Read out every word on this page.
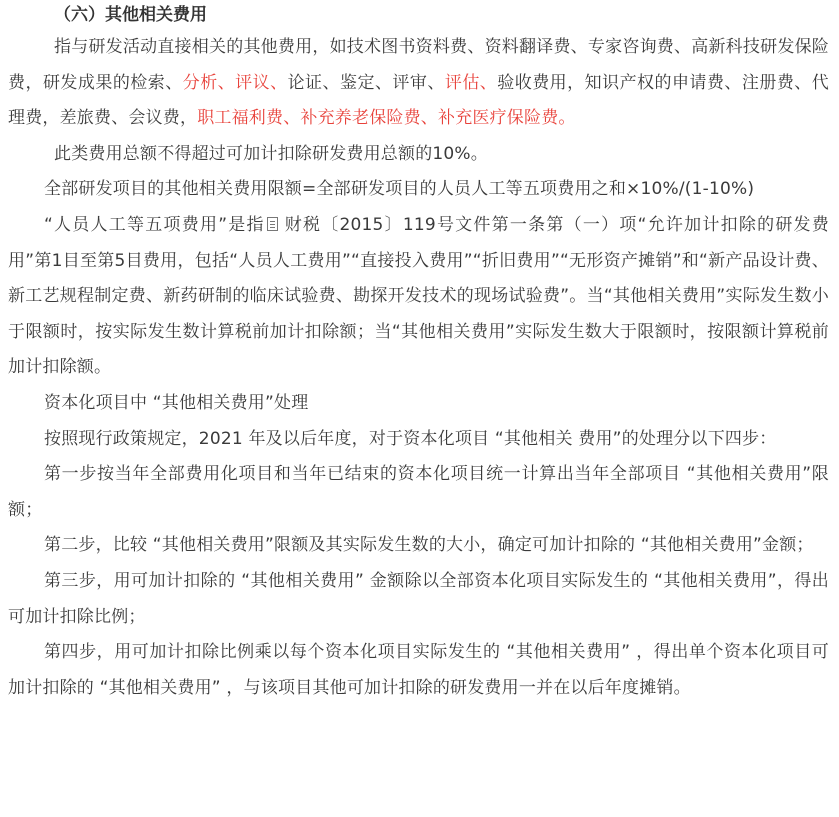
（六）其他相关费用

指与研发活动直接相关的其他费用，如技术图书资料费、资料翻译费、专家咨询费、高新科技研发保险费，研发成果的检索、分析、评议、论证、鉴定、评审、评估、验收费用，知识产权的申请费、注册费、代理费，差旅费、会议费，职工福利费、补充养老保险费、补充医疗保险费。

此类费用总额不得超过可加计扣除研发费用总额的10%。

全部研发项目的其他相关费用限额=全部研发项目的人员人工等五项费用之和×10%/(1-10%)

“人员人工等五项费用”是指 财税〔2015〕119号文件第一条第（一）项“允许加计扣除的研发费用”第1目至第5目费用，包括“人员人工费用”“直接投入费用”“折旧费用”“无形资产摊销”和“新产品设计费、新工艺规程制定费、新药研制的临床试验费、勘探开发技术的现场试验费”。当“其他相关费用”实际发生数小于限额时，按实际发生数计算税前加计扣除额；当“其他相关费用”实际发生数大于限额时，按限额计算税前加计扣除额。

资本化项目中 “其他相关费用”处理

按照现行政策规定，2021 年及以后年度，对于资本化项目 “其他相关 费用”的处理分以下四步：

第一步按当年全部费用化项目和当年已结束的资本化项目统一计算出当年全部项目 “其他相关费用”限额；

第二步，比较 “其他相关费用”限额及其实际发生数的大小，确定可加计扣除的 “其他相关费用”金额；

第三步，用可加计扣除的 “其他相关费用” 金额除以全部资本化项目实际发生的 “其他相关费用”，得出可加计扣除比例；

第四步，用可加计扣除比例乘以每个资本化项目实际发生的 “其他相关费用” ，得出单个资本化项目可加计扣除的 “其他相关费用” ，与该项目其他可加计扣除的研发费用一并在以后年度摊销。
